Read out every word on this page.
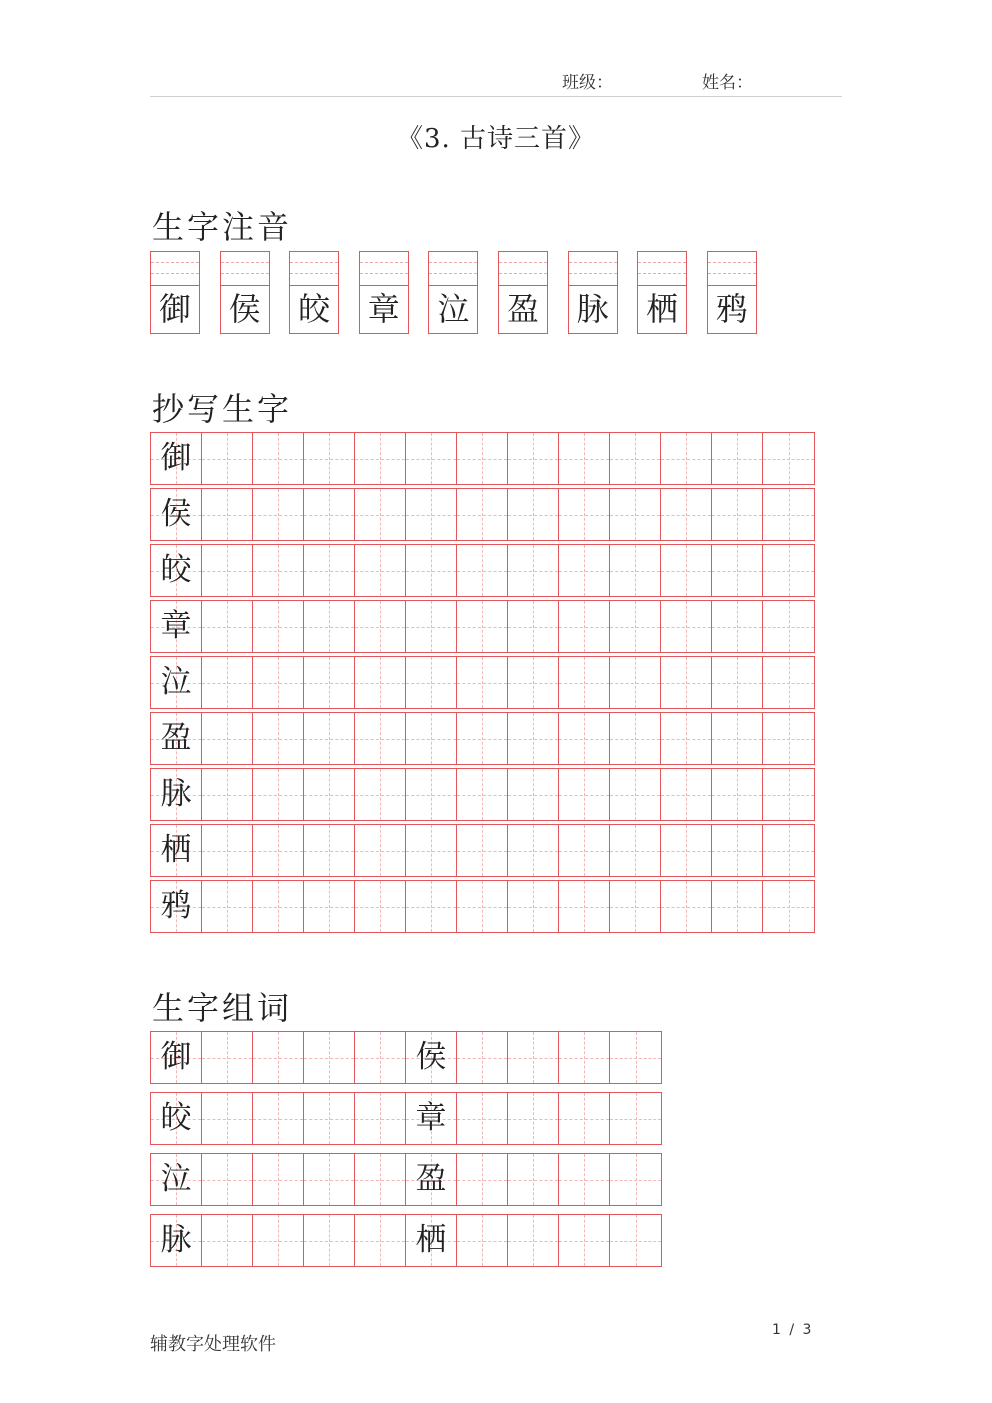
班级：	姓名：
《3. 古诗三首》
生字注音
御 侯 皎 章 泣 盈 脉 栖 鸦
抄写生字
御
侯
皎
章
泣
盈
脉
栖
鸦
生字组词
御	侯
皎	章
泣	盈
脉	栖
辅教字处理软件
1 / 3
